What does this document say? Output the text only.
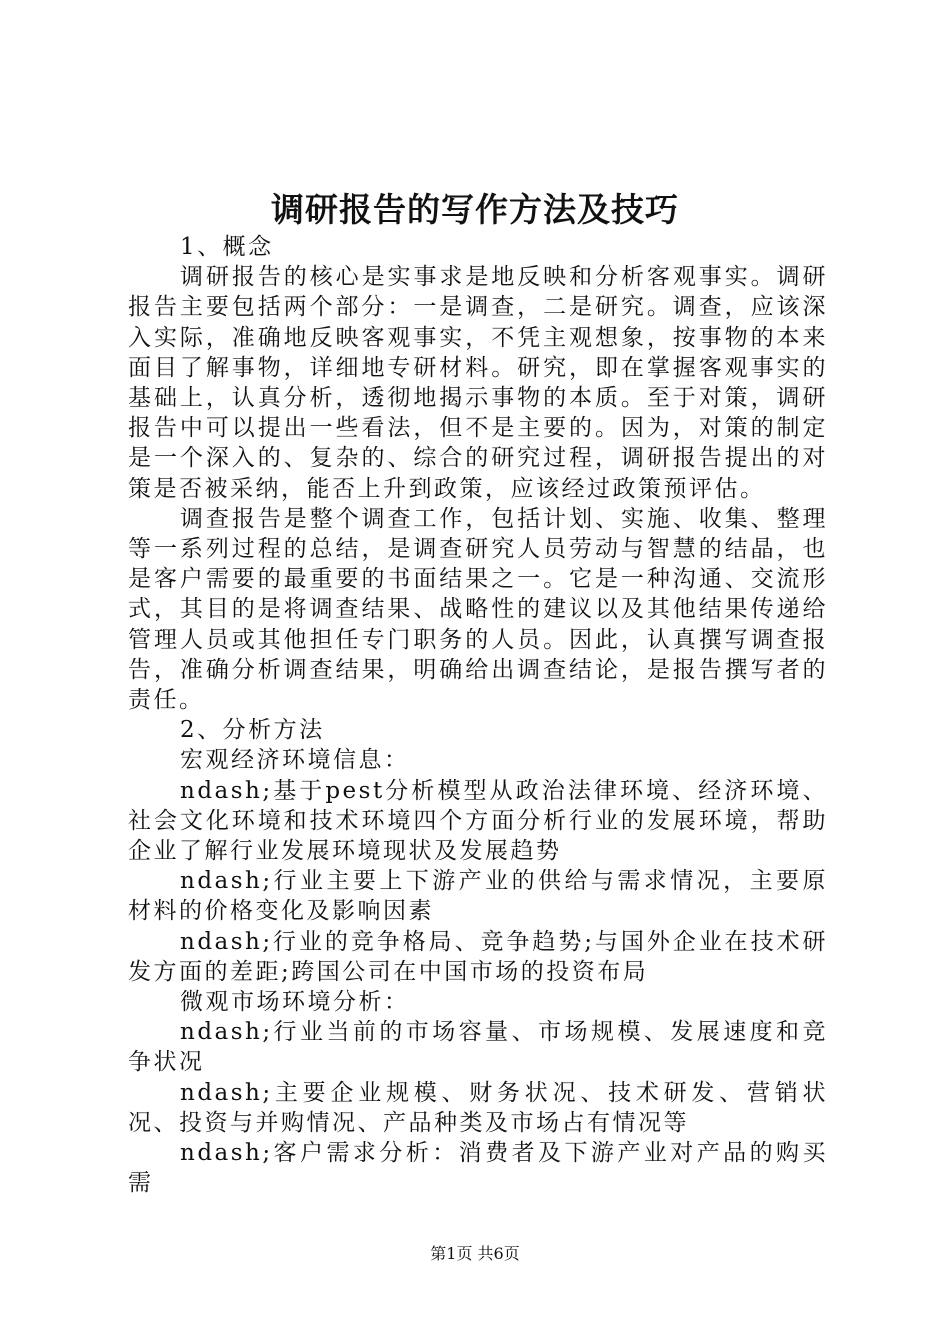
调研报告的写作方法及技巧

1、概念

调研报告的核心是实事求是地反映和分析客观事实。调研报告主要包括两个部分：一是调查，二是研究。调查，应该深入实际，准确地反映客观事实，不凭主观想象，按事物的本来面目了解事物，详细地专研材料。研究，即在掌握客观事实的基础上，认真分析，透彻地揭示事物的本质。至于对策，调研报告中可以提出一些看法，但不是主要的。因为，对策的制定是一个深入的、复杂的、综合的研究过程，调研报告提出的对策是否被采纳，能否上升到政策，应该经过政策预评估。

调查报告是整个调查工作，包括计划、实施、收集、整理等一系列过程的总结，是调查研究人员劳动与智慧的结晶，也是客户需要的最重要的书面结果之一。它是一种沟通、交流形式，其目的是将调查结果、战略性的建议以及其他结果传递给管理人员或其他担任专门职务的人员。因此，认真撰写调查报告，准确分析调查结果，明确给出调查结论，是报告撰写者的责任。

2、分析方法

宏观经济环境信息：

ndash;基于pest分析模型从政治法律环境、经济环境、社会文化环境和技术环境四个方面分析行业的发展环境，帮助企业了解行业发展环境现状及发展趋势

ndash;行业主要上下游产业的供给与需求情况，主要原材料的价格变化及影响因素

ndash;行业的竞争格局、竞争趋势;与国外企业在技术研发方面的差距;跨国公司在中国市场的投资布局

微观市场环境分析：

ndash;行业当前的市场容量、市场规模、发展速度和竞争状况

ndash;主要企业规模、财务状况、技术研发、营销状况、投资与并购情况、产品种类及市场占有情况等

ndash;客户需求分析：消费者及下游产业对产品的购买需

第1页 共6页
